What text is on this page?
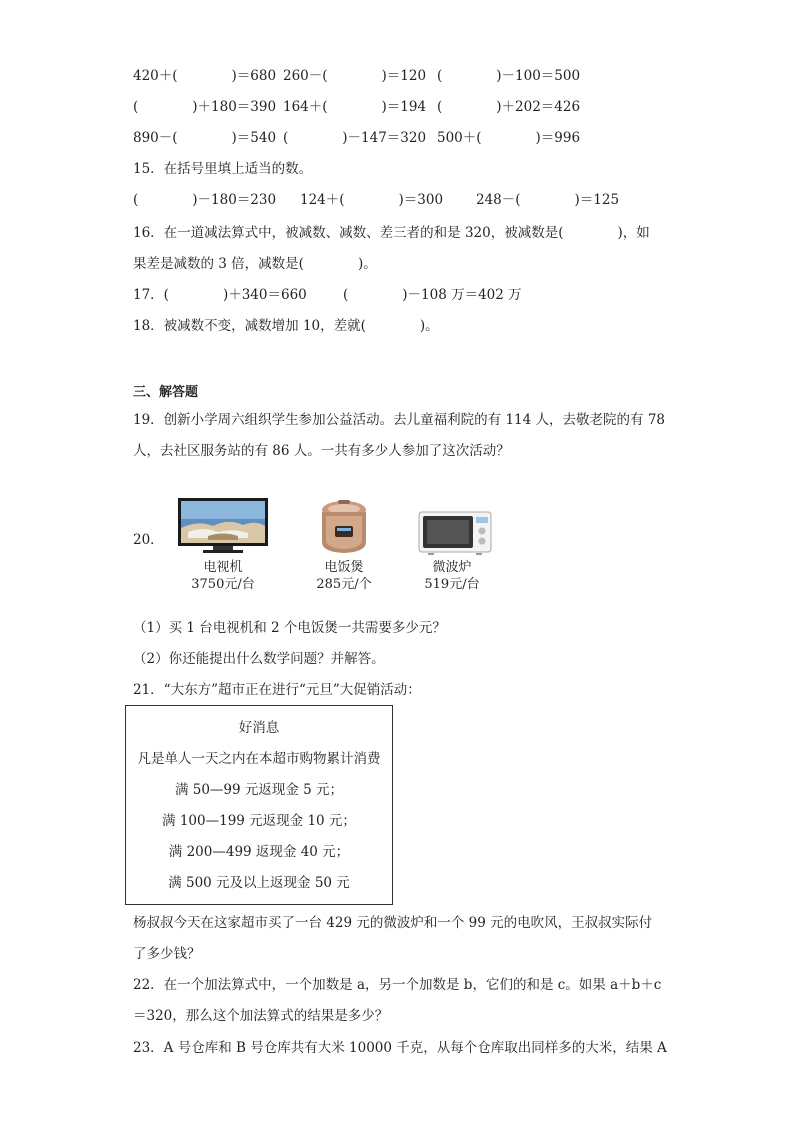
420＋(　　　　)＝680 260－(　　　　)＝120 (　　　　)－100＝500
(　　　　)＋180＝390 164＋(　　　　)＝194 (　　　　)＋202＝426
890－(　　　　)＝540 (　　　　)－147＝320 500＋(　　　　)＝996
15．在括号里填上适当的数。
(　　　　)－180＝230 124＋(　　　　)＝300 248－(　　　　)＝125
16．在一道减法算式中，被减数、减数、差三者的和是 320，被减数是(　　　　)，如
果差是减数的 3 倍，减数是(　　　　)。
17．(　　　　)＋340＝660	(　　　　)－108 万＝402 万
18．被减数不变，减数增加 10，差就(　　　　)。
三、解答题
19．创新小学周六组织学生参加公益活动。去儿童福利院的有 114 人，去敬老院的有 78
人，去社区服务站的有 86 人。一共有多少人参加了这次活动？
20．
电视机
3750元/台
电饭煲
285元/个
微波炉
519元/台
（1）买 1 台电视机和 2 个电饭煲一共需要多少元？
（2）你还能提出什么数学问题？并解答。
21．“大东方”超市正在进行“元旦”大促销活动：
好消息
凡是单人一天之内在本超市购物累计消费
满 50—99 元返现金 5 元；
满 100—199 元返现金 10 元；
满 200—499 返现金 40 元；
满 500 元及以上返现金 50 元
杨叔叔今天在这家超市买了一台 429 元的微波炉和一个 99 元的电吹风，王叔叔实际付
了多少钱？
22．在一个加法算式中，一个加数是 a，另一个加数是 b，它们的和是 c。如果 a＋b＋c
＝320，那么这个加法算式的结果是多少？
23．A 号仓库和 B 号仓库共有大米 10000 千克，从每个仓库取出同样多的大米，结果 A
